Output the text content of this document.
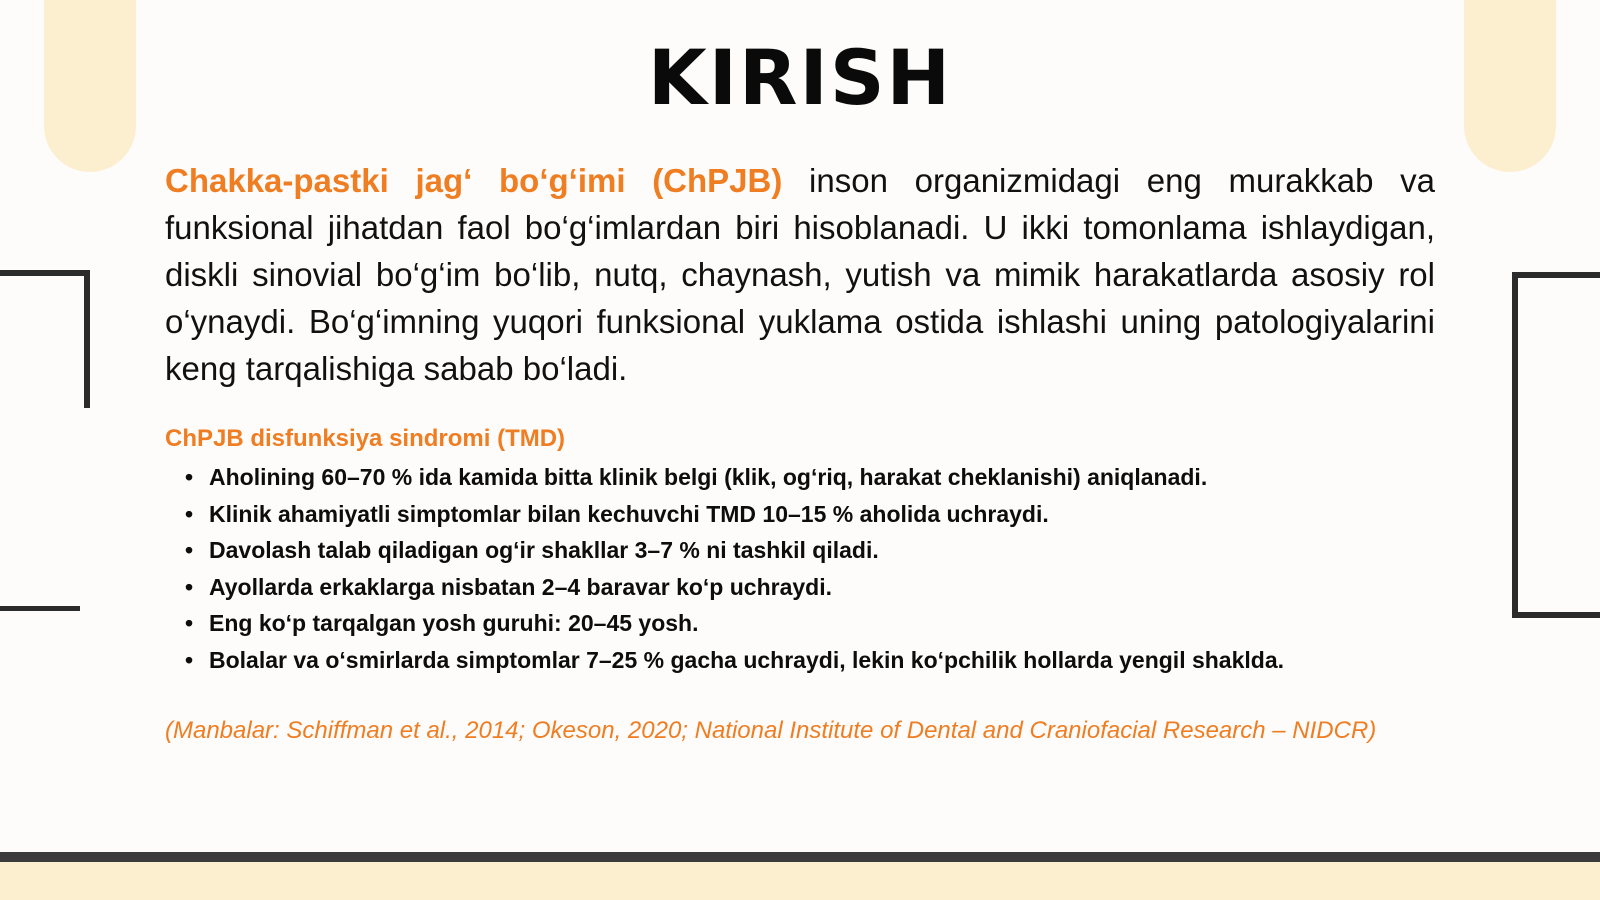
KIRISH

Chakka-pastki jag‘ bo‘g‘imi (ChPJB) inson organizmidagi eng murakkab va funksional jihatdan faol bo‘g‘imlardan biri hisoblanadi. U ikki tomonlama ishlaydigan, diskli sinovial bo‘g‘im bo‘lib, nutq, chaynash, yutish va mimik harakatlarda asosiy rol o‘ynaydi. Bo‘g‘imning yuqori funksional yuklama ostida ishlashi uning patologiyalarini keng tarqalishiga sabab bo‘ladi.

ChPJB disfunksiya sindromi (TMD)
• Aholining 60–70 % ida kamida bitta klinik belgi (klik, og‘riq, harakat cheklanishi) aniqlanadi.
• Klinik ahamiyatli simptomlar bilan kechuvchi TMD 10–15 % aholida uchraydi.
• Davolash talab qiladigan og‘ir shakllar 3–7 % ni tashkil qiladi.
• Ayollarda erkaklarga nisbatan 2–4 baravar ko‘p uchraydi.
• Eng ko‘p tarqalgan yosh guruhi: 20–45 yosh.
• Bolalar va o‘smirlarda simptomlar 7–25 % gacha uchraydi, lekin ko‘pchilik hollarda yengil shaklda.
(Manbalar: Schiffman et al., 2014; Okeson, 2020; National Institute of Dental and Craniofacial Research – NIDCR)
